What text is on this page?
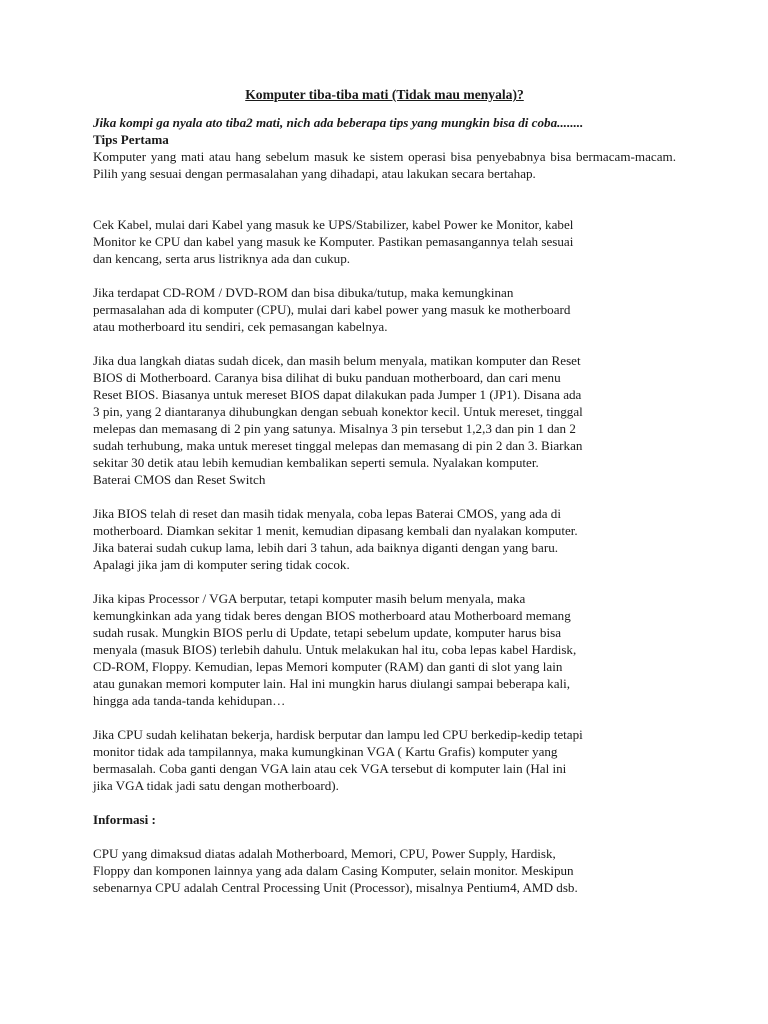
Komputer tiba-tiba mati (Tidak mau menyala)?

Jika kompi ga nyala ato tiba2 mati, nich ada beberapa tips yang mungkin bisa di coba........

Tips Pertama

Komputer yang mati atau hang sebelum masuk ke sistem operasi bisa penyebabnya bisa bermacam-macam. Pilih yang sesuai dengan permasalahan yang dihadapi, atau lakukan secara bertahap.

Cek Kabel, mulai dari Kabel yang masuk ke UPS/Stabilizer, kabel Power ke Monitor, kabel
Monitor ke CPU dan kabel yang masuk ke Komputer. Pastikan pemasangannya telah sesuai
dan kencang, serta arus listriknya ada dan cukup.
Jika terdapat CD-ROM / DVD-ROM dan bisa dibuka/tutup, maka kemungkinan
permasalahan ada di komputer (CPU), mulai dari kabel power yang masuk ke motherboard
atau motherboard itu sendiri, cek pemasangan kabelnya.
Jika dua langkah diatas sudah dicek, dan masih belum menyala, matikan komputer dan Reset
BIOS di Motherboard. Caranya bisa dilihat di buku panduan motherboard, dan cari menu
Reset BIOS. Biasanya untuk mereset BIOS dapat dilakukan pada Jumper 1 (JP1). Disana ada
3 pin, yang 2 diantaranya dihubungkan dengan sebuah konektor kecil. Untuk mereset, tinggal
melepas dan memasang di 2 pin yang satunya. Misalnya 3 pin tersebut 1,2,3 dan pin 1 dan 2
sudah terhubung, maka untuk mereset tinggal melepas dan memasang di pin 2 dan 3. Biarkan
sekitar 30 detik atau lebih kemudian kembalikan seperti semula. Nyalakan komputer.
Baterai CMOS dan Reset Switch
Jika BIOS telah di reset dan masih tidak menyala, coba lepas Baterai CMOS, yang ada di
motherboard. Diamkan sekitar 1 menit, kemudian dipasang kembali dan nyalakan komputer.
Jika baterai sudah cukup lama, lebih dari 3 tahun, ada baiknya diganti dengan yang baru.
Apalagi jika jam di komputer sering tidak cocok.
Jika kipas Processor / VGA berputar, tetapi komputer masih belum menyala, maka
kemungkinkan ada yang tidak beres dengan BIOS motherboard atau Motherboard memang
sudah rusak. Mungkin BIOS perlu di Update, tetapi sebelum update, komputer harus bisa
menyala (masuk BIOS) terlebih dahulu. Untuk melakukan hal itu, coba lepas kabel Hardisk,
CD-ROM, Floppy. Kemudian, lepas Memori komputer (RAM) dan ganti di slot yang lain
atau gunakan memori komputer lain. Hal ini mungkin harus diulangi sampai beberapa kali,
hingga ada tanda-tanda kehidupan…
Jika CPU sudah kelihatan bekerja, hardisk berputar dan lampu led CPU berkedip-kedip tetapi
monitor tidak ada tampilannya, maka kumungkinan VGA ( Kartu Grafis) komputer yang
bermasalah. Coba ganti dengan VGA lain atau cek VGA tersebut di komputer lain (Hal ini
jika VGA tidak jadi satu dengan motherboard).

Informasi :

CPU yang dimaksud diatas adalah Motherboard, Memori, CPU, Power Supply, Hardisk,
Floppy dan komponen lainnya yang ada dalam Casing Komputer, selain monitor. Meskipun
sebenarnya CPU adalah Central Processing Unit (Processor), misalnya Pentium4, AMD dsb.
